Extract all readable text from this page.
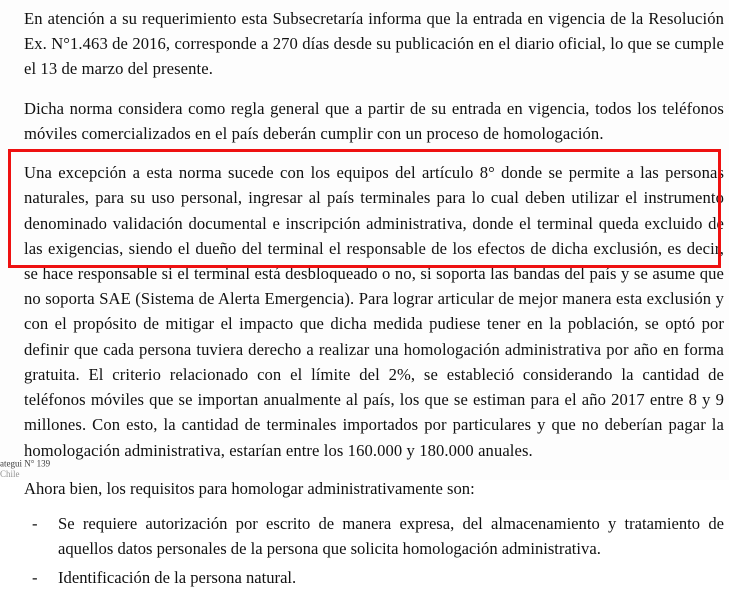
En atención a su requerimiento esta Subsecretaría informa que la entrada en vigencia de la Resolución Ex. N°1.463 de 2016, corresponde a 270 días desde su publicación en el diario oficial, lo que se cumple el 13 de marzo del presente.

Dicha norma considera como regla general que a partir de su entrada en vigencia, todos los teléfonos móviles comercializados en el país deberán cumplir con un proceso de homologación.

Una excepción a esta norma sucede con los equipos del artículo 8° donde se permite a las personas naturales, para su uso personal, ingresar al país terminales para lo cual deben utilizar el instrumento denominado validación documental e inscripción administrativa, donde el terminal queda excluido de las exigencias, siendo el dueño del terminal el responsable de los efectos de dicha exclusión, es decir, se hace responsable si el terminal está desbloqueado o no, si soporta las bandas del país y se asume que no soporta SAE (Sistema de Alerta Emergencia). Para lograr articular de mejor manera esta exclusión y con el propósito de mitigar el impacto que dicha medida pudiese tener en la población, se optó por definir que cada persona tuviera derecho a realizar una homologación administrativa por año en forma gratuita. El criterio relacionado con el límite del 2%, se estableció considerando la cantidad de teléfonos móviles que se importan anualmente al país, los que se estiman para el año 2017 entre 8 y 9 millones. Con esto, la cantidad de terminales importados por particulares y que no deberían pagar la homologación administrativa, estarían entre los 160.000 y 180.000 anuales.

Ahora bien, los requisitos para homologar administrativamente son:

- Se requiere autorización por escrito de manera expresa, del almacenamiento y tratamiento de aquellos datos personales de la persona que solicita homologación administrativa.
- Identificación de la persona natural.
ategui N° 139
Chile
